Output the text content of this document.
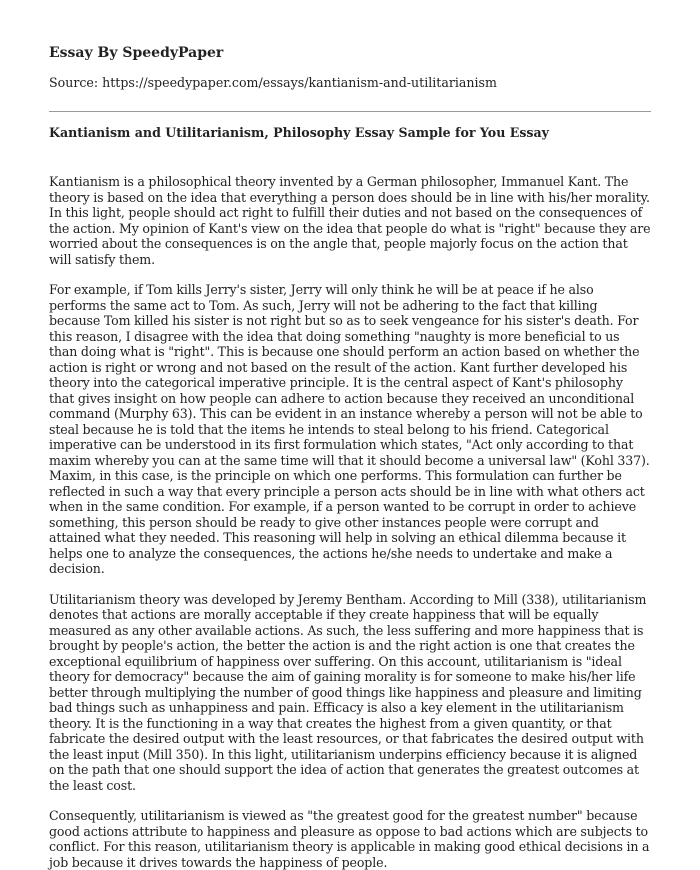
Essay By SpeedyPaper
Source: https://speedypaper.com/essays/kantianism-and-utilitarianism
Kantianism and Utilitarianism, Philosophy Essay Sample for You Essay

Kantianism is a philosophical theory invented by a German philosopher, Immanuel Kant. The theory is based on the idea that everything a person does should be in line with his/her morality. In this light, people should act right to fulfill their duties and not based on the consequences of the action. My opinion of Kant's view on the idea that people do what is "right" because they are worried about the consequences is on the angle that, people majorly focus on the action that will satisfy them.

For example, if Tom kills Jerry's sister, Jerry will only think he will be at peace if he also performs the same act to Tom. As such, Jerry will not be adhering to the fact that killing because Tom killed his sister is not right but so as to seek vengeance for his sister's death. For this reason, I disagree with the idea that doing something "naughty is more beneficial to us than doing what is "right". This is because one should perform an action based on whether the action is right or wrong and not based on the result of the action. Kant further developed his theory into the categorical imperative principle. It is the central aspect of Kant's philosophy that gives insight on how people can adhere to action because they received an unconditional command (Murphy 63). This can be evident in an instance whereby a person will not be able to steal because he is told that the items he intends to steal belong to his friend. Categorical imperative can be understood in its first formulation which states, "Act only according to that maxim whereby you can at the same time will that it should become a universal law" (Kohl 337). Maxim, in this case, is the principle on which one performs. This formulation can further be reflected in such a way that every principle a person acts should be in line with what others act when in the same condition. For example, if a person wanted to be corrupt in order to achieve something, this person should be ready to give other instances people were corrupt and attained what they needed. This reasoning will help in solving an ethical dilemma because it helps one to analyze the consequences, the actions he/she needs to undertake and make a decision.

Utilitarianism theory was developed by Jeremy Bentham. According to Mill (338), utilitarianism denotes that actions are morally acceptable if they create happiness that will be equally measured as any other available actions. As such, the less suffering and more happiness that is brought by people's action, the better the action is and the right action is one that creates the exceptional equilibrium of happiness over suffering. On this account, utilitarianism is "ideal theory for democracy" because the aim of gaining morality is for someone to make his/her life better through multiplying the number of good things like happiness and pleasure and limiting bad things such as unhappiness and pain. Efficacy is also a key element in the utilitarianism theory. It is the functioning in a way that creates the highest from a given quantity, or that fabricate the desired output with the least resources, or that fabricates the desired output with the least input (Mill 350). In this light, utilitarianism underpins efficiency because it is aligned on the path that one should support the idea of action that generates the greatest outcomes at the least cost.

Consequently, utilitarianism is viewed as "the greatest good for the greatest number" because good actions attribute to happiness and pleasure as oppose to bad actions which are subjects to conflict. For this reason, utilitarianism theory is applicable in making good ethical decisions in a job because it drives towards the happiness of people.
